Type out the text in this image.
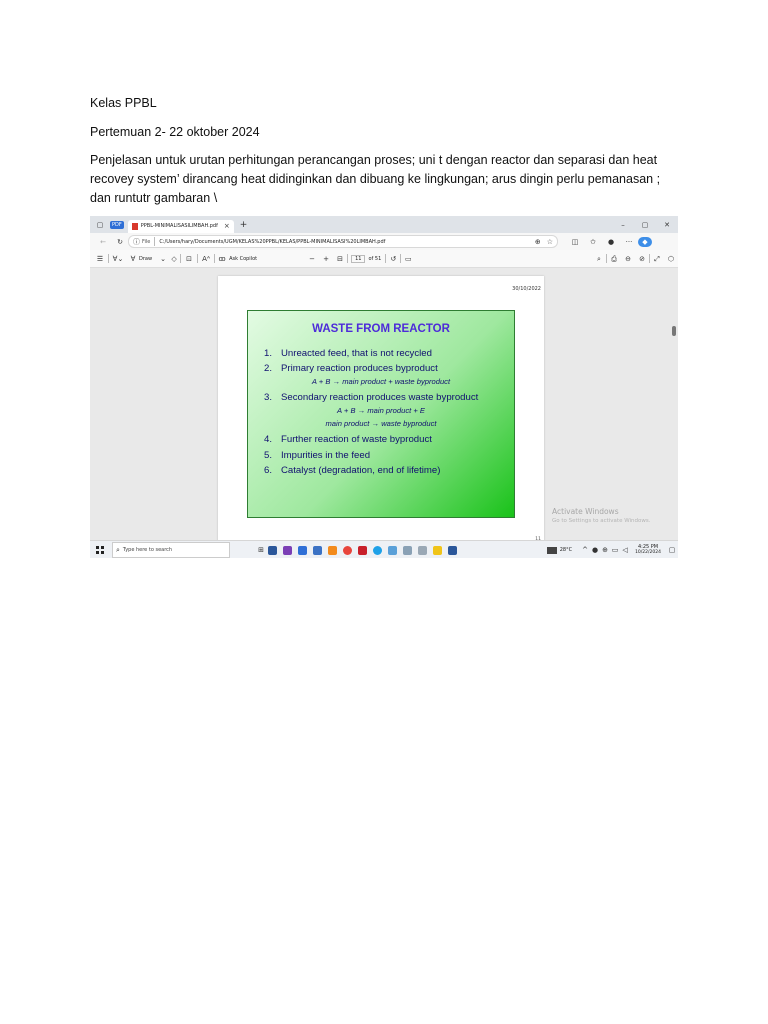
Kelas PPBL
Pertemuan 2- 22 oktober 2024
Penjelasan untuk urutan perhitungan perancangan proses; uni t dengan reactor dan separasi dan heat recovey system’ dirancang heat didinginkan dan dibuang ke lingkungan; arus dingin perlu pemanasan ; dan runtutr gambaran \
▢	PDF	PPBL-MINIMALISASILIMBAH.pdf × +	–	▢	✕
←	↻	ⓘ File C:/Users/hary/Documents/UGM/KELAS%20PPBL/KELAS/PPBL-MINIMALISASI%20LIMBAH.pdf	⊕ ☆	◫	✩	●	···	◆
☰	∀⌄	∀ Draw ⌄ ◇	⊡	Aᴬ	ꝏ Ask Copilot	−	+	⊟	11	of 51	↺	▭	⌕	⎙	⊖	⊘	⤢	⬡
30/10/2022
WASTE FROM REACTOR
1. Unreacted feed, that is not recycled
2. Primary reaction produces byproduct
A + B → main product + waste byproduct
3. Secondary reaction produces waste byproduct
A + B → main product + E
main product → waste byproduct
4. Further reaction of waste byproduct
5. Impurities in the feed
6. Catalyst (degradation, end of lifetime)
Activate Windows
Go to Settings to activate Windows.
⌕ Type here to search	⊞	28°C ^ ● ⊕ ▭ ◁	4:25 PM
10/22/2024	▢
